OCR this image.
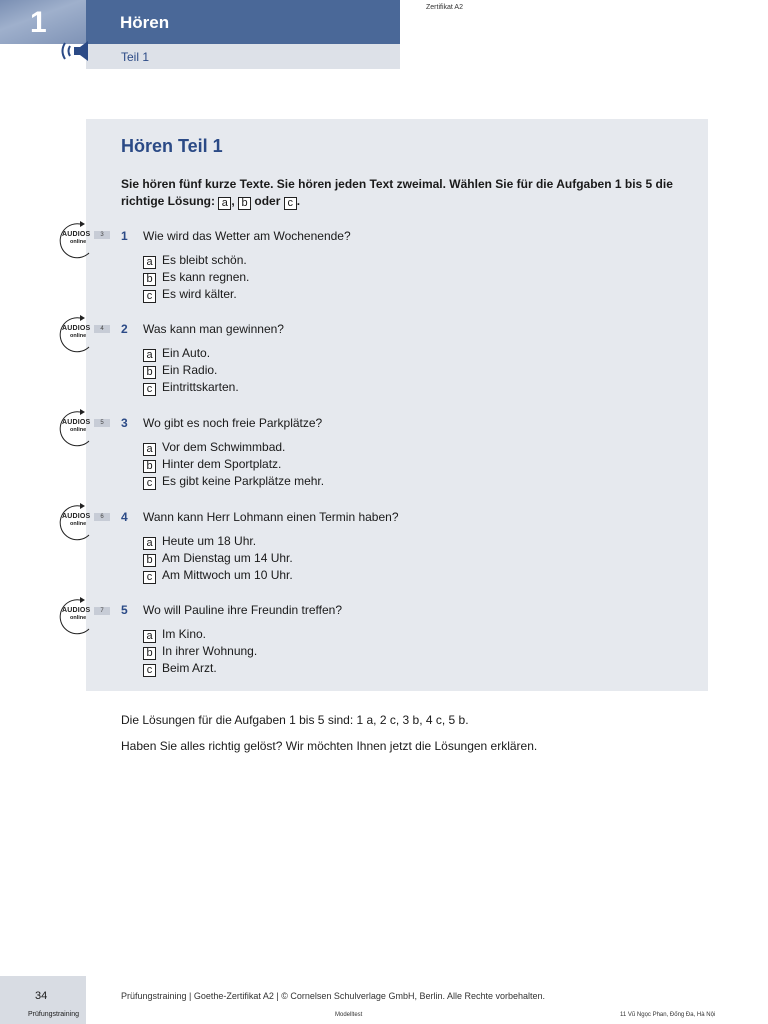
1	Hören
Teil 1
Zertifikat A2
Hören Teil 1
Sie hören fünf kurze Texte. Sie hören jeden Text zweimal. Wählen Sie für die Aufgaben 1 bis 5 die
richtige Lösung: a , b oder c .
AUDIOS
online
3	1 Wie wird das Wetter am Wochenende?
a Es bleibt schön.
b Es kann regnen.
c Es wird kälter.
AUDIOS
online
4	2 Was kann man gewinnen?
a Ein Auto.
b Ein Radio.
c Eintrittskarten.
AUDIOS
online
5	3 Wo gibt es noch freie Parkplätze?
a Vor dem Schwimmbad.
b Hinter dem Sportplatz.
c Es gibt keine Parkplätze mehr.
AUDIOS
online
6	4 Wann kann Herr Lohmann einen Termin haben?
a Heute um 18 Uhr.
b Am Dienstag um 14 Uhr.
c Am Mittwoch um 10 Uhr.
AUDIOS
online
7	5 Wo will Pauline ihre Freundin treffen?
a Im Kino.
b In ihrer Wohnung.
c Beim Arzt.
Die Lösungen für die Aufgaben 1 bis 5 sind: 1 a, 2 c, 3 b, 4 c, 5 b.
Haben Sie alles richtig gelöst? Wir möchten Ihnen jetzt die Lösungen erklären.
34
Prüfungstraining
Prüfungstraining | Goethe-Zertifikat A2 | © Cornelsen Schulverlage GmbH, Berlin. Alle Rechte vorbehalten.
Modelltest	11 Vũ Ngọc Phan, Đống Đa, Hà Nội
